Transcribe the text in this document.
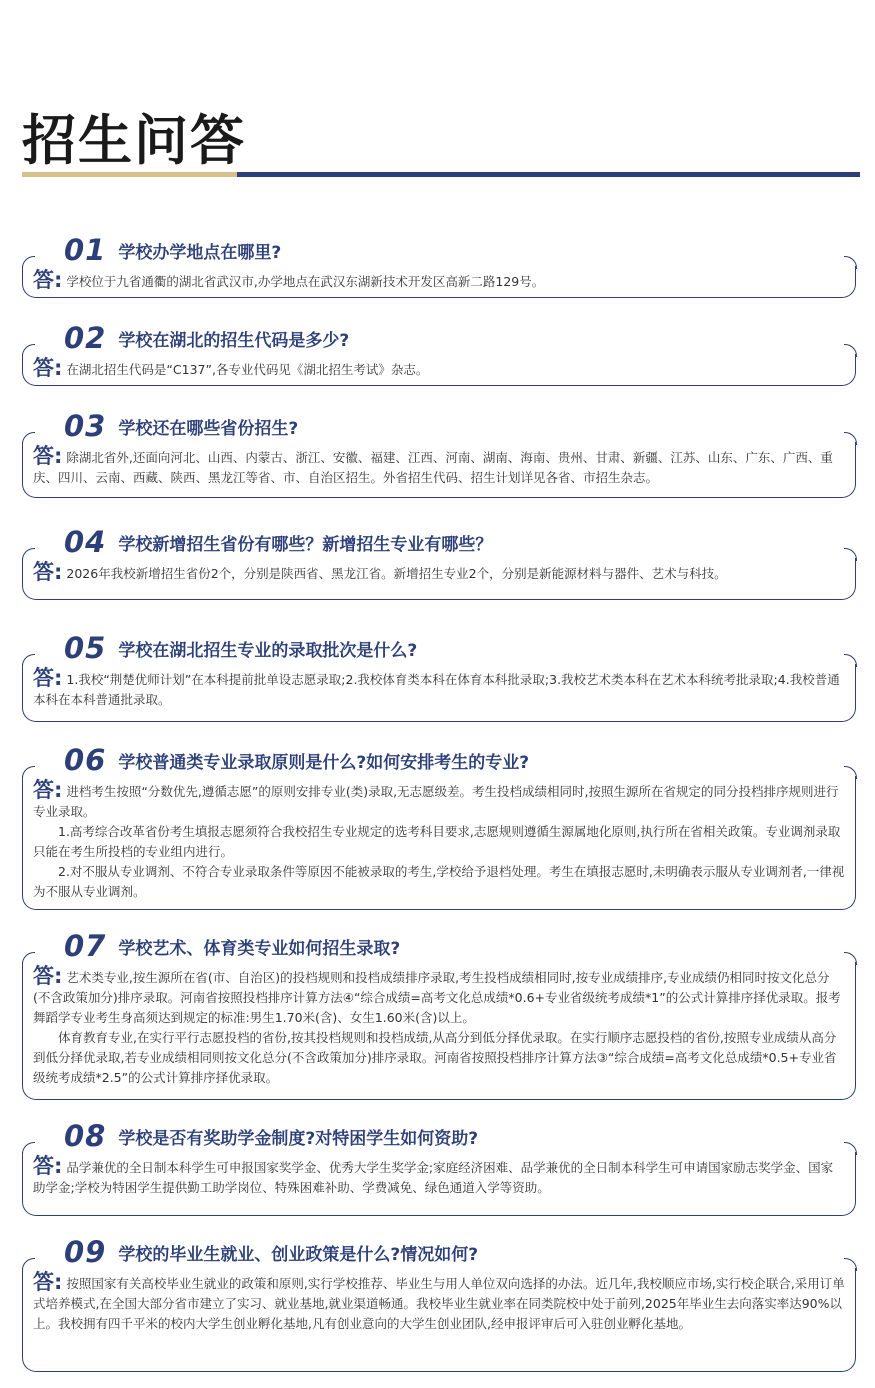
招生问答
01 学校办学地点在哪里?

答: 学校位于九省通衢的湖北省武汉市,办学地点在武汉东湖新技术开发区高新二路129号。

02 学校在湖北的招生代码是多少?

答: 在湖北招生代码是“C137”,各专业代码见《湖北招生考试》杂志。

03 学校还在哪些省份招生?

答: 除湖北省外,还面向河北、山西、内蒙古、浙江、安徽、福建、江西、河南、湖南、海南、贵州、甘肃、新疆、江苏、山东、广东、广西、重庆、四川、云南、西藏、陕西、黑龙江等省、市、自治区招生。外省招生代码、招生计划详见各省、市招生杂志。

04 学校新增招生省份有哪些？新增招生专业有哪些？

答: 2026年我校新增招生省份2个，分别是陕西省、黑龙江省。新增招生专业2个，分别是新能源材料与器件、艺术与科技。

05 学校在湖北招生专业的录取批次是什么?

答: 1.我校“荆楚优师计划”在本科提前批单设志愿录取;2.我校体育类本科在体育本科批录取;3.我校艺术类本科在艺术本科统考批录取;4.我校普通本科在本科普通批录取。

06 学校普通类专业录取原则是什么?如何安排考生的专业?

答: 进档考生按照“分数优先,遵循志愿”的原则安排专业(类)录取,无志愿级差。考生投档成绩相同时,按照生源所在省规定的同分投档排序规则进行专业录取。

1.高考综合改革省份考生填报志愿须符合我校招生专业规定的选考科目要求,志愿规则遵循生源属地化原则,执行所在省相关政策。专业调剂录取只能在考生所投档的专业组内进行。

2.对不服从专业调剂、不符合专业录取条件等原因不能被录取的考生,学校给予退档处理。考生在填报志愿时,未明确表示服从专业调剂者,一律视为不服从专业调剂。

07 学校艺术、体育类专业如何招生录取?

答: 艺术类专业,按生源所在省(市、自治区)的投档规则和投档成绩排序录取,考生投档成绩相同时,按专业成绩排序,专业成绩仍相同时按文化总分(不含政策加分)排序录取。河南省按照投档排序计算方法④“综合成绩=高考文化总成绩*0.6+专业省级统考成绩*1”的公式计算排序择优录取。报考舞蹈学专业考生身高须达到规定的标准:男生1.70米(含)、女生1.60米(含)以上。

体育教育专业,在实行平行志愿投档的省份,按其投档规则和投档成绩,从高分到低分择优录取。在实行顺序志愿投档的省份,按照专业成绩从高分到低分择优录取,若专业成绩相同则按文化总分(不含政策加分)排序录取。河南省按照投档排序计算方法③“综合成绩=高考文化总成绩*0.5+专业省级统考成绩*2.5”的公式计算排序择优录取。

08 学校是否有奖助学金制度?对特困学生如何资助?

答: 品学兼优的全日制本科学生可申报国家奖学金、优秀大学生奖学金;家庭经济困难、品学兼优的全日制本科学生可申请国家励志奖学金、国家助学金;学校为特困学生提供勤工助学岗位、特殊困难补助、学费减免、绿色通道入学等资助。

09 学校的毕业生就业、创业政策是什么?情况如何?

答: 按照国家有关高校毕业生就业的政策和原则,实行学校推荐、毕业生与用人单位双向选择的办法。近几年,我校顺应市场,实行校企联合,采用订单式培养模式,在全国大部分省市建立了实习、就业基地,就业渠道畅通。我校毕业生就业率在同类院校中处于前列,2025年毕业生去向落实率达90%以上。我校拥有四千平米的校内大学生创业孵化基地,凡有创业意向的大学生创业团队,经申报评审后可入驻创业孵化基地。
